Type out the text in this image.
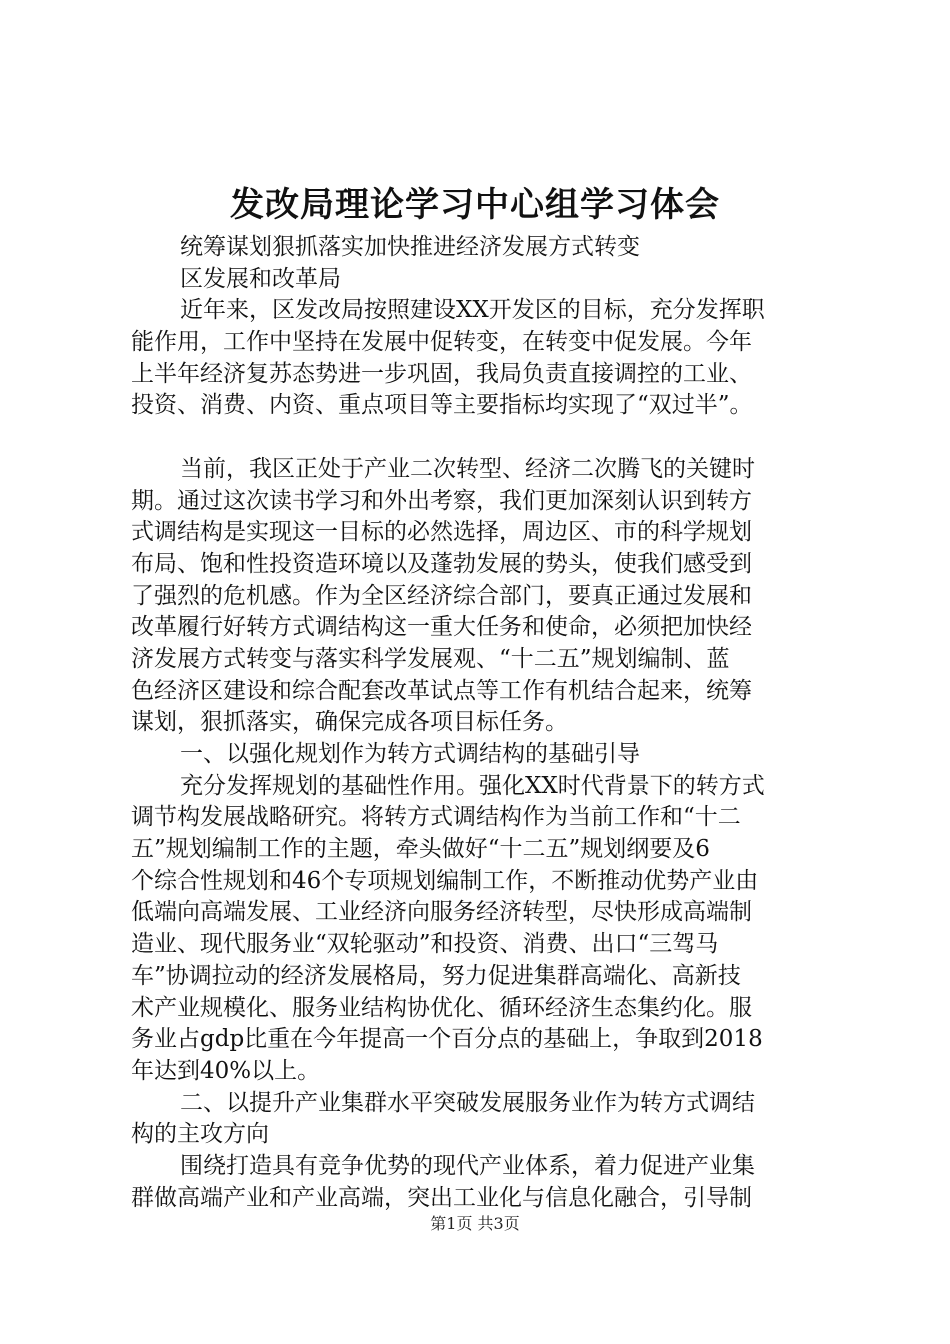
发改局理论学习中心组学习体会
统筹谋划狠抓落实加快推进经济发展方式转变
区发展和改革局
近年来，区发改局按照建设XX开发区的目标，充分发挥职
能作用，工作中坚持在发展中促转变，在转变中促发展。今年
上半年经济复苏态势进一步巩固，我局负责直接调控的工业、
投资、消费、内资、重点项目等主要指标均实现了“双过半”。
当前，我区正处于产业二次转型、经济二次腾飞的关键时
期。通过这次读书学习和外出考察，我们更加深刻认识到转方
式调结构是实现这一目标的必然选择，周边区、市的科学规划
布局、饱和性投资造环境以及蓬勃发展的势头，使我们感受到
了强烈的危机感。作为全区经济综合部门，要真正通过发展和
改革履行好转方式调结构这一重大任务和使命，必须把加快经
济发展方式转变与落实科学发展观、“十二五”规划编制、蓝
色经济区建设和综合配套改革试点等工作有机结合起来，统筹
谋划，狠抓落实，确保完成各项目标任务。
一、以强化规划作为转方式调结构的基础引导
充分发挥规划的基础性作用。强化XX时代背景下的转方式
调节构发展战略研究。将转方式调结构作为当前工作和“十二
五”规划编制工作的主题，牵头做好“十二五”规划纲要及6
个综合性规划和46个专项规划编制工作，不断推动优势产业由
低端向高端发展、工业经济向服务经济转型，尽快形成高端制
造业、现代服务业“双轮驱动”和投资、消费、出口“三驾马
车”协调拉动的经济发展格局，努力促进集群高端化、高新技
术产业规模化、服务业结构协优化、循环经济生态集约化。服
务业占gdp比重在今年提高一个百分点的基础上，争取到2018
年达到40%以上。
二、以提升产业集群水平突破发展服务业作为转方式调结
构的主攻方向
围绕打造具有竞争优势的现代产业体系，着力促进产业集
群做高端产业和产业高端，突出工业化与信息化融合，引导制
第1页 共3页
